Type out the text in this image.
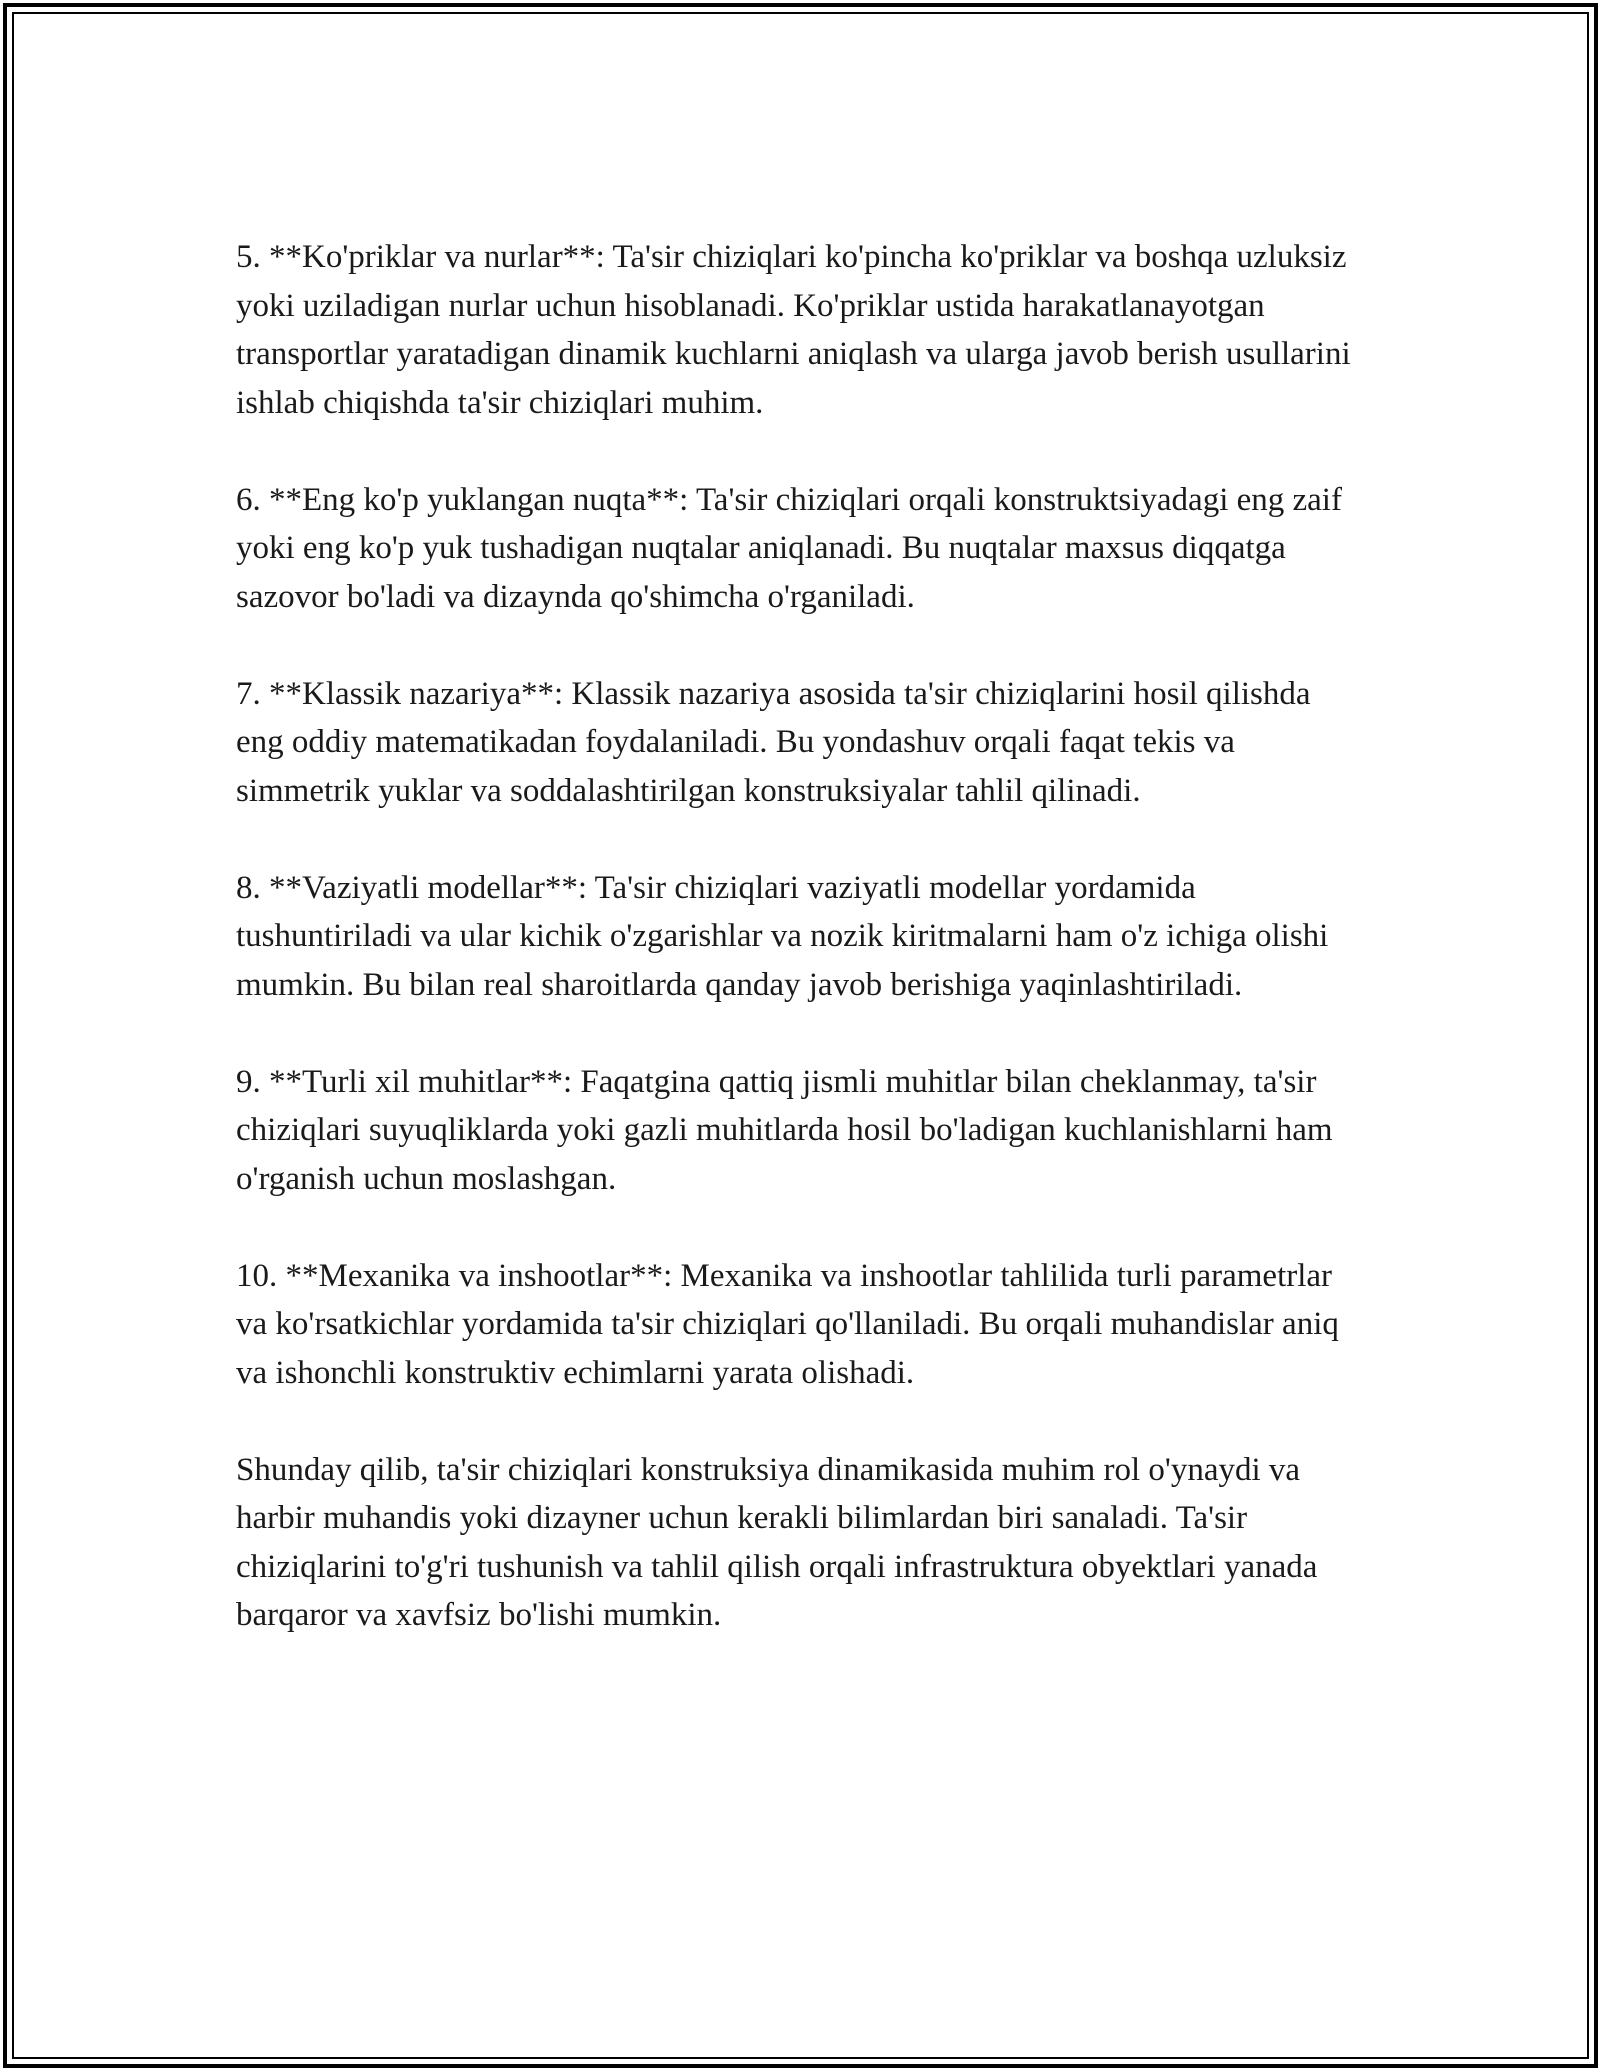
5. **Ko'priklar va nurlar**: Ta'sir chiziqlari ko'pincha ko'priklar va boshqa uzluksiz yoki uziladigan nurlar uchun hisoblanadi. Ko'priklar ustida harakatlanayotgan transportlar yaratadigan dinamik kuchlarni aniqlash va ularga javob berish usullarini ishlab chiqishda ta'sir chiziqlari muhim.

6. **Eng ko'p yuklangan nuqta**: Ta'sir chiziqlari orqali konstruktsiyadagi eng zaif yoki eng ko'p yuk tushadigan nuqtalar aniqlanadi. Bu nuqtalar maxsus diqqatga sazovor bo'ladi va dizaynda qo'shimcha o'rganiladi.

7. **Klassik nazariya**: Klassik nazariya asosida ta'sir chiziqlarini hosil qilishda eng oddiy matematikadan foydalaniladi. Bu yondashuv orqali faqat tekis va simmetrik yuklar va soddalashtirilgan konstruksiyalar tahlil qilinadi.

8. **Vaziyatli modellar**: Ta'sir chiziqlari vaziyatli modellar yordamida tushuntiriladi va ular kichik o'zgarishlar va nozik kiritmalarni ham o'z ichiga olishi mumkin. Bu bilan real sharoitlarda qanday javob berishiga yaqinlashtiriladi.

9. **Turli xil muhitlar**: Faqatgina qattiq jismli muhitlar bilan cheklanmay, ta'sir chiziqlari suyuqliklarda yoki gazli muhitlarda hosil bo'ladigan kuchlanishlarni ham o'rganish uchun moslashgan.

10. **Mexanika va inshootlar**: Mexanika va inshootlar tahlilida turli parametrlar va ko'rsatkichlar yordamida ta'sir chiziqlari qo'llaniladi. Bu orqali muhandislar aniq va ishonchli konstruktiv echimlarni yarata olishadi.

Shunday qilib, ta'sir chiziqlari konstruksiya dinamikasida muhim rol o'ynaydi va harbir muhandis yoki dizayner uchun kerakli bilimlardan biri sanaladi. Ta'sir chiziqlarini to'g'ri tushunish va tahlil qilish orqali infrastruktura obyektlari yanada barqaror va xavfsiz bo'lishi mumkin.
